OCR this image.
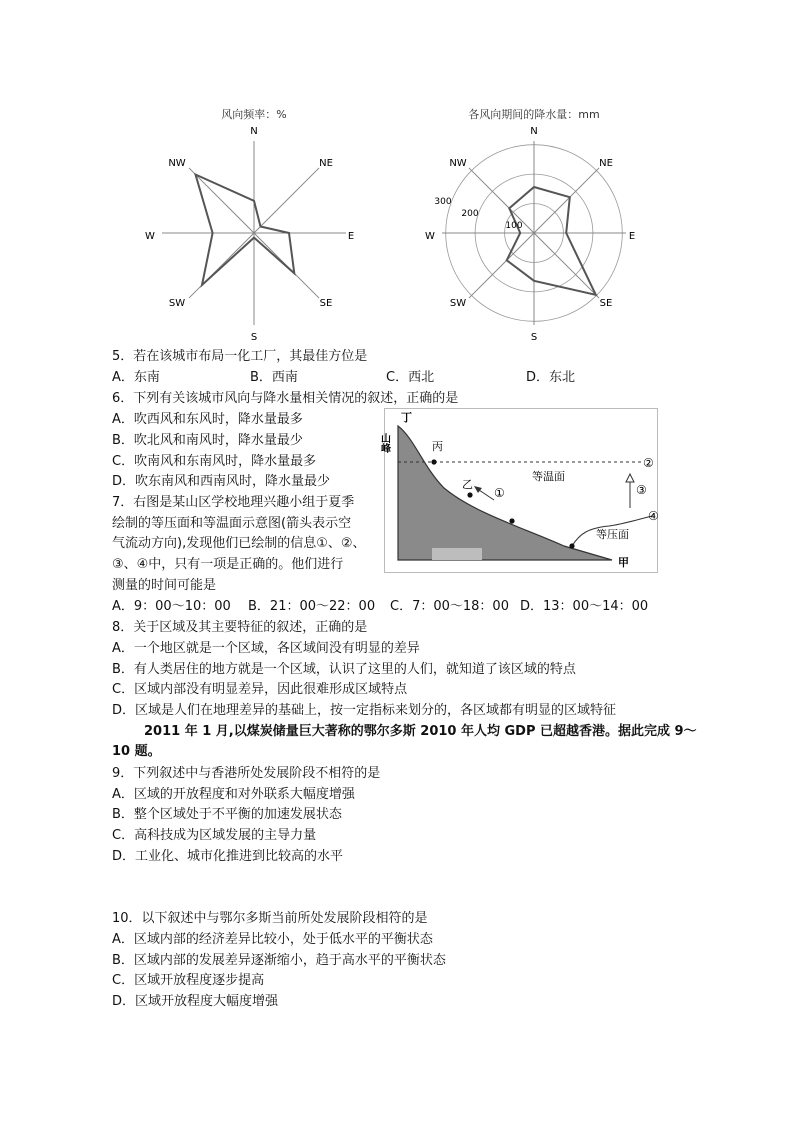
风向频率：%
N
NE
E
SE
S
SW
W
NW
各风向期间的降水量：mm
100
200
300
N
NE
E
SE
S
SW
W
NW
丁
山峰	丙
乙
甲
等温面
等压面
①
②
③
④
5．若在该城市布局一化工厂，其最佳方位是
A．东南	B．西南	C．西北	D．东北
6．下列有关该城市风向与降水量相关情况的叙述，正确的是
A．吹西风和东风时，降水量最多
B．吹北风和南风时，降水量最少
C．吹南风和东南风时，降水量最多
D．吹东南风和西南风时，降水量最少
7．右图是某山区学校地理兴趣小组于夏季
绘制的等压面和等温面示意图(箭头表示空
气流动方向),发现他们已绘制的信息①、②、
③、④中，只有一项是正确的。他们进行
测量的时间可能是
A．9：00～10：00 B．21：00～22：00 C．7：00～18：00 D．13：00～14：00
8．关于区域及其主要特征的叙述，正确的是
A．一个地区就是一个区域，各区域间没有明显的差异
B．有人类居住的地方就是一个区域，认识了这里的人们，就知道了该区域的特点
C．区域内部没有明显差异，因此很难形成区域特点
D．区域是人们在地理差异的基础上，按一定指标来划分的，各区域都有明显的区域特征
2011 年 1 月,以煤炭储量巨大著称的鄂尔多斯 2010 年人均 GDP 已超越香港。据此完成 9～
10 题。
9．下列叙述中与香港所处发展阶段不相符的是
A．区域的开放程度和对外联系大幅度增强
B．整个区域处于不平衡的加速发展状态
C．高科技成为区域发展的主导力量
D．工业化、城市化推进到比较高的水平
10．以下叙述中与鄂尔多斯当前所处发展阶段相符的是
A．区域内部的经济差异比较小，处于低水平的平衡状态
B．区域内部的发展差异逐渐缩小，趋于高水平的平衡状态
C．区域开放程度逐步提高
D．区域开放程度大幅度增强
